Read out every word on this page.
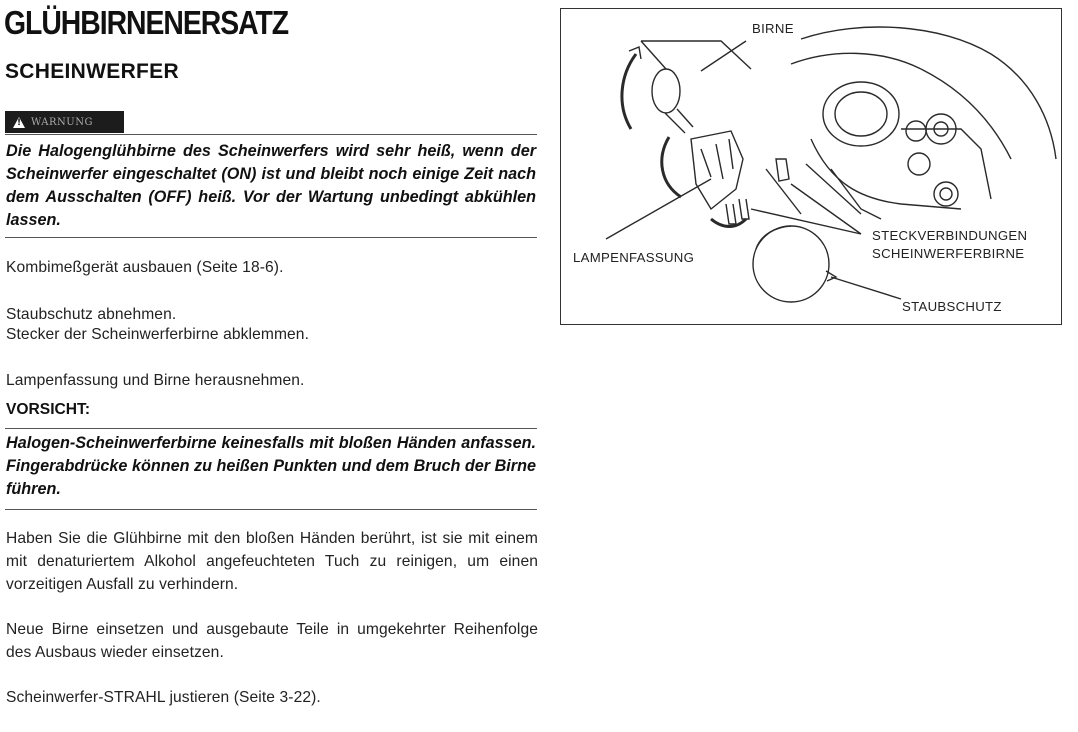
GLÜHBIRNENERSATZ
SCHEINWERFER
!
WARNUNG
Die Halogenglühbirne des Scheinwerfers wird sehr heiß, wenn der Scheinwerfer eingeschaltet (ON) ist und bleibt noch einige Zeit nach dem Ausschalten (OFF) heiß. Vor der Wartung unbedingt abkühlen lassen.
Kombimeßgerät ausbauen (Seite 18-6).
Staubschutz abnehmen.
Stecker der Scheinwerferbirne abklemmen.
Lampenfassung und Birne herausnehmen.
VORSICHT:
Halogen-Scheinwerferbirne keinesfalls mit bloßen Händen anfassen. Fingerabdrücke können zu heißen Punkten und dem Bruch der Birne führen.
Haben Sie die Glühbirne mit den bloßen Händen berührt, ist sie mit einem mit denaturiertem Alkohol angefeuchteten Tuch zu reinigen, um einen vorzeitigen Ausfall zu verhindern.
Neue Birne einsetzen und ausgebaute Teile in umgekehrter Reihenfolge des Ausbaus wieder einsetzen.
Scheinwerfer-STRAHL justieren (Seite 3-22).
BIRNE
LAMPENFASSUNG
STECKVERBINDUNGEN
SCHEINWERFERBIRNE
STAUBSCHUTZ
